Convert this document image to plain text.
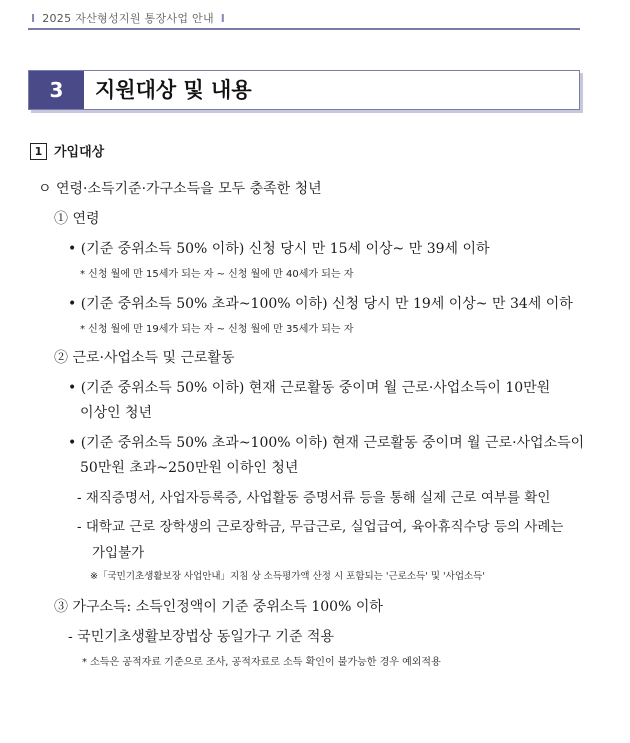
I 2025 자산형성지원 통장사업 안내 I
3	지원대상 및 내용
1 가입대상
ㅇ 연령·소득기준·가구소득을 모두 충족한 청년
① 연령
• (기준 중위소득 50% 이하) 신청 당시 만 15세 이상~ 만 39세 이하
* 신청 월에 만 15세가 되는 자 ~ 신청 월에 만 40세가 되는 자
• (기준 중위소득 50% 초과~100% 이하) 신청 당시 만 19세 이상~ 만 34세 이하
* 신청 월에 만 19세가 되는 자 ~ 신청 월에 만 35세가 되는 자
② 근로·사업소득 및 근로활동
• (기준 중위소득 50% 이하) 현재 근로활동 중이며 월 근로·사업소득이 10만원
이상인 청년
• (기준 중위소득 50% 초과~100% 이하) 현재 근로활동 중이며 월 근로·사업소득이
50만원 초과~250만원 이하인 청년
- 재직증명서, 사업자등록증, 사업활동 증명서류 등을 통해 실제 근로 여부를 확인
- 대학교 근로 장학생의 근로장학금, 무급근로, 실업급여, 육아휴직수당 등의 사례는
가입불가
※「국민기초생활보장 사업안내」지침 상 소득평가액 산정 시 포함되는 '근로소득' 및 '사업소득'
③ 가구소득: 소득인정액이 기준 중위소득 100% 이하
- 국민기초생활보장법상 동일가구 기준 적용
* 소득은 공적자료 기준으로 조사, 공적자료로 소득 확인이 불가능한 경우 예외적용
